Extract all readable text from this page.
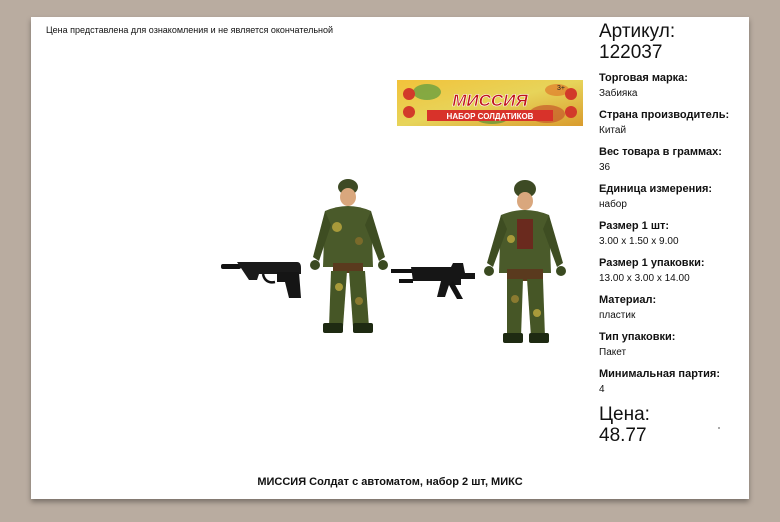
Цена представлена для ознакомления и не является окончательной
МИССИЯ
НАБОР СОЛДАТИКОВ
3+
Артикул:
122037
Торговая марка:
Забияка
Страна производитель:
Китай
Вес товара в граммах:
36
Единица измерения:
набор
Размер 1 шт:
3.00 x 1.50 x 9.00
Размер 1 упаковки:
13.00 x 3.00 x 14.00
Материал:
пластик
Тип упаковки:
Пакет
Минимальная партия:
4
Цена:
48.77
МИССИЯ Солдат с автоматом, набор 2 шт, МИКС
